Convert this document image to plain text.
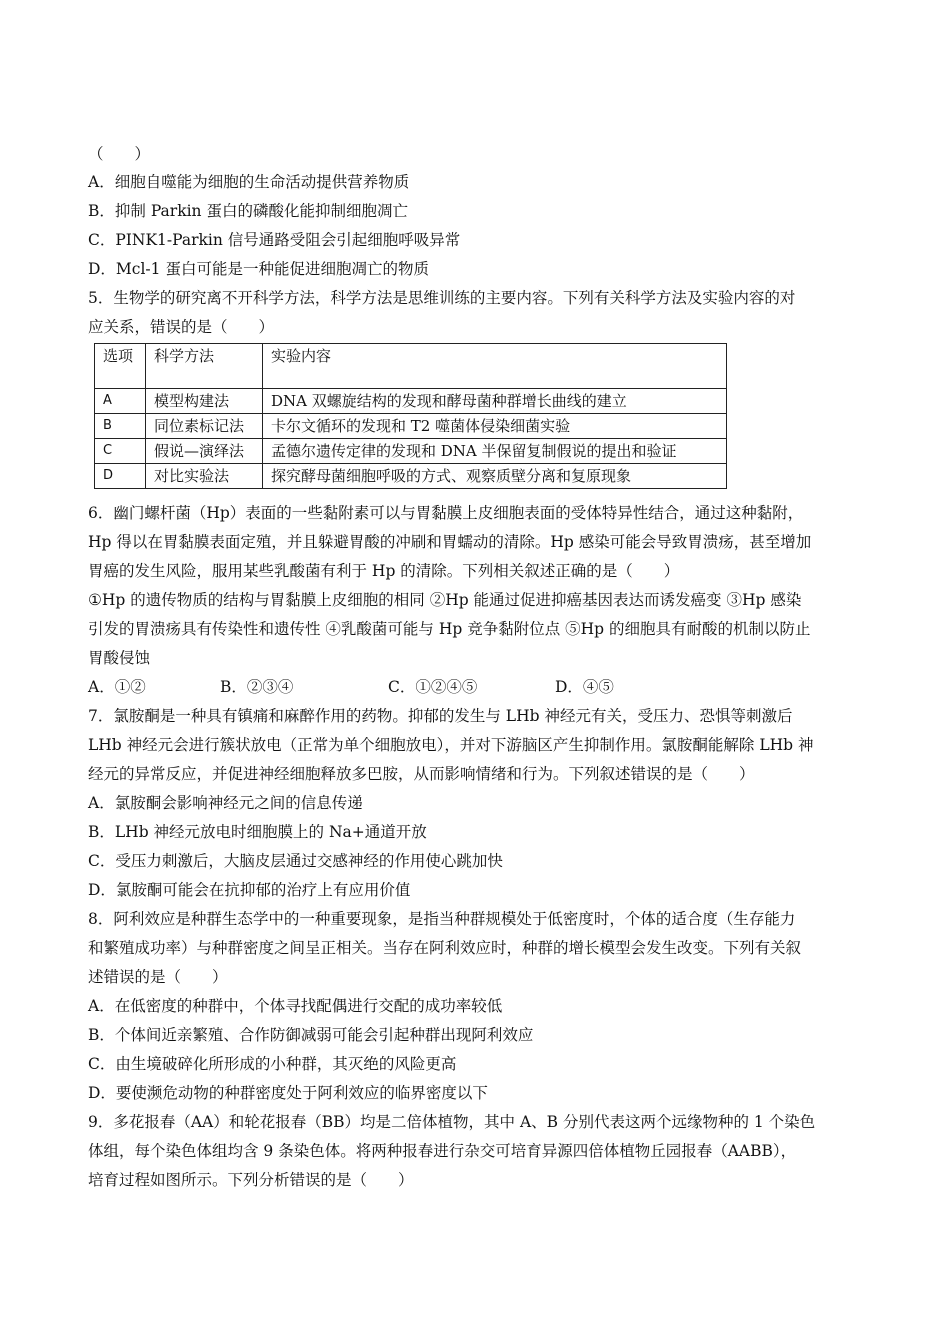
（　　）
A．细胞自噬能为细胞的生命活动提供营养物质
B．抑制 Parkin 蛋白的磷酸化能抑制细胞凋亡
C．PINK1-Parkin 信号通路受阻会引起细胞呼吸异常
D．Mcl-1 蛋白可能是一种能促进细胞凋亡的物质
5．生物学的研究离不开科学方法，科学方法是思维训练的主要内容。下列有关科学方法及实验内容的对
应关系，错误的是（　　）
选项	科学方法	实验内容
A	模型构建法	DNA 双螺旋结构的发现和酵母菌种群增长曲线的建立
B	同位素标记法	卡尔文循环的发现和 T2 噬菌体侵染细菌实验
C	假说—演绎法	孟德尔遗传定律的发现和 DNA 半保留复制假说的提出和验证
D	对比实验法	探究酵母菌细胞呼吸的方式、观察质壁分离和复原现象
6．幽门螺杆菌（Hp）表面的一些黏附素可以与胃黏膜上皮细胞表面的受体特异性结合，通过这种黏附，
Hp 得以在胃黏膜表面定殖，并且躲避胃酸的冲刷和胃蠕动的清除。Hp 感染可能会导致胃溃疡，甚至增加
胃癌的发生风险，服用某些乳酸菌有利于 Hp 的清除。下列相关叙述正确的是（　　）
①Hp 的遗传物质的结构与胃黏膜上皮细胞的相同 ②Hp 能通过促进抑癌基因表达而诱发癌变 ③Hp 感染
引发的胃溃疡具有传染性和遗传性 ④乳酸菌可能与 Hp 竞争黏附位点 ⑤Hp 的细胞具有耐酸的机制以防止
胃酸侵蚀
A．①②	B．②③④	C．①②④⑤	D．④⑤
7．氯胺酮是一种具有镇痛和麻醉作用的药物。抑郁的发生与 LHb 神经元有关，受压力、恐惧等刺激后
LHb 神经元会进行簇状放电（正常为单个细胞放电），并对下游脑区产生抑制作用。氯胺酮能解除 LHb 神
经元的异常反应，并促进神经细胞释放多巴胺，从而影响情绪和行为。下列叙述错误的是（　　）
A．氯胺酮会影响神经元之间的信息传递
B．LHb 神经元放电时细胞膜上的 Na+通道开放
C．受压力刺激后，大脑皮层通过交感神经的作用使心跳加快
D．氯胺酮可能会在抗抑郁的治疗上有应用价值
8．阿利效应是种群生态学中的一种重要现象，是指当种群规模处于低密度时，个体的适合度（生存能力
和繁殖成功率）与种群密度之间呈正相关。当存在阿利效应时，种群的增长模型会发生改变。下列有关叙
述错误的是（　　）
A．在低密度的种群中，个体寻找配偶进行交配的成功率较低
B．个体间近亲繁殖、合作防御减弱可能会引起种群出现阿利效应
C．由生境破碎化所形成的小种群，其灭绝的风险更高
D．要使濒危动物的种群密度处于阿利效应的临界密度以下
9．多花报春（AA）和轮花报春（BB）均是二倍体植物，其中 A、B 分别代表这两个远缘物种的 1 个染色
体组，每个染色体组均含 9 条染色体。将两种报春进行杂交可培育异源四倍体植物丘园报春（AABB），
培育过程如图所示。下列分析错误的是（　　）
